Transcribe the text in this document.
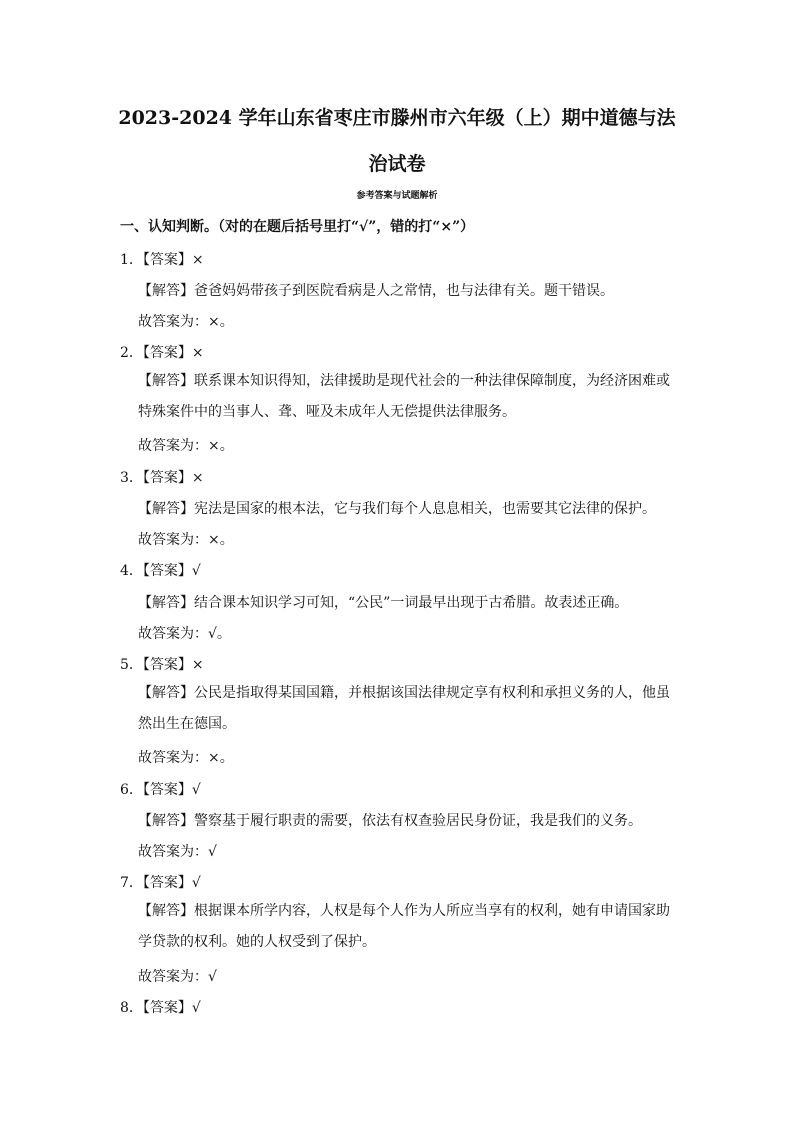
2023-2024 学年山东省枣庄市滕州市六年级（上）期中道德与法
治试卷
参考答案与试题解析
一、认知判断。（对的在题后括号里打“√”，错的打“×”）
1．【答案】×
【解答】爸爸妈妈带孩子到医院看病是人之常情，也与法律有关。题干错误。
故答案为：×。
2．【答案】×
【解答】联系课本知识得知，法律援助是现代社会的一种法律保障制度，为经济困难或特殊案件中的当事人、聋、哑及未成年人无偿提供法律服务。
故答案为：×。
3．【答案】×
【解答】宪法是国家的根本法，它与我们每个人息息相关，也需要其它法律的保护。
故答案为：×。
4．【答案】√
【解答】结合课本知识学习可知，“公民”一词最早出现于古希腊。故表述正确。
故答案为：√。
5．【答案】×
【解答】公民是指取得某国国籍，并根据该国法律规定享有权利和承担义务的人，他虽然出生在德国。
故答案为：×。
6．【答案】√
【解答】警察基于履行职责的需要，依法有权查验居民身份证，我是我们的义务。
故答案为：√
7．【答案】√
【解答】根据课本所学内容，人权是每个人作为人所应当享有的权利，她有申请国家助学贷款的权利。她的人权受到了保护。
故答案为：√
8．【答案】√
